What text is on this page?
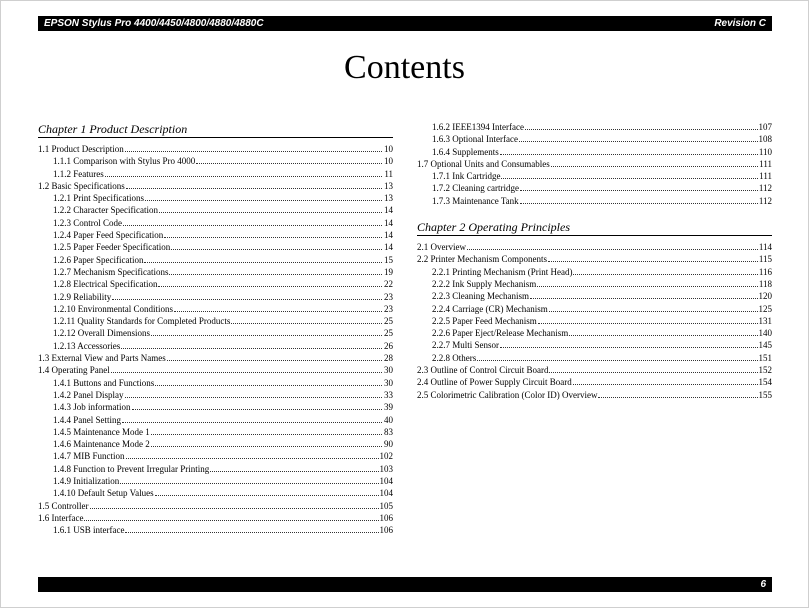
EPSON Stylus Pro 4400/4450/4800/4880/4880C	Revision C
Contents
Chapter 1 Product Description
1.1 Product Description	10
1.1.1 Comparison with Stylus Pro 4000	10
1.1.2 Features	11
1.2 Basic Specifications	13
1.2.1 Print Specifications	13
1.2.2 Character Specification	14
1.2.3 Control Code	14
1.2.4 Paper Feed Specification	14
1.2.5 Paper Feeder Specification	14
1.2.6 Paper Specification	15
1.2.7 Mechanism Specifications	19
1.2.8 Electrical Specification	22
1.2.9 Reliability	23
1.2.10 Environmental Conditions	23
1.2.11 Quality Standards for Completed Products	25
1.2.12 Overall Dimensions	25
1.2.13 Accessories	26
1.3 External View and Parts Names	28
1.4 Operating Panel	30
1.4.1 Buttons and Functions	30
1.4.2 Panel Display	33
1.4.3 Job information	39
1.4.4 Panel Setting	40
1.4.5 Maintenance Mode 1	83
1.4.6 Maintenance Mode 2	90
1.4.7 MIB Function	102
1.4.8 Function to Prevent Irregular Printing	103
1.4.9 Initialization	104
1.4.10 Default Setup Values	104
1.5 Controller	105
1.6 Interface	106
1.6.1 USB interface	106
1.6.2 IEEE1394 Interface	107
1.6.3 Optional Interface	108
1.6.4 Supplements	110
1.7 Optional Units and Consumables	111
1.7.1 Ink Cartridge	111
1.7.2 Cleaning cartridge	112
1.7.3 Maintenance Tank	112
Chapter 2 Operating Principles
2.1 Overview	114
2.2 Printer Mechanism Components	115
2.2.1 Printing Mechanism (Print Head)	116
2.2.2 Ink Supply Mechanism	118
2.2.3 Cleaning Mechanism	120
2.2.4 Carriage (CR) Mechanism	125
2.2.5 Paper Feed Mechanism	131
2.2.6 Paper Eject/Release Mechanism	140
2.2.7 Multi Sensor	145
2.2.8 Others	151
2.3 Outline of Control Circuit Board	152
2.4 Outline of Power Supply Circuit Board	154
2.5 Colorimetric Calibration (Color ID) Overview	155
6
